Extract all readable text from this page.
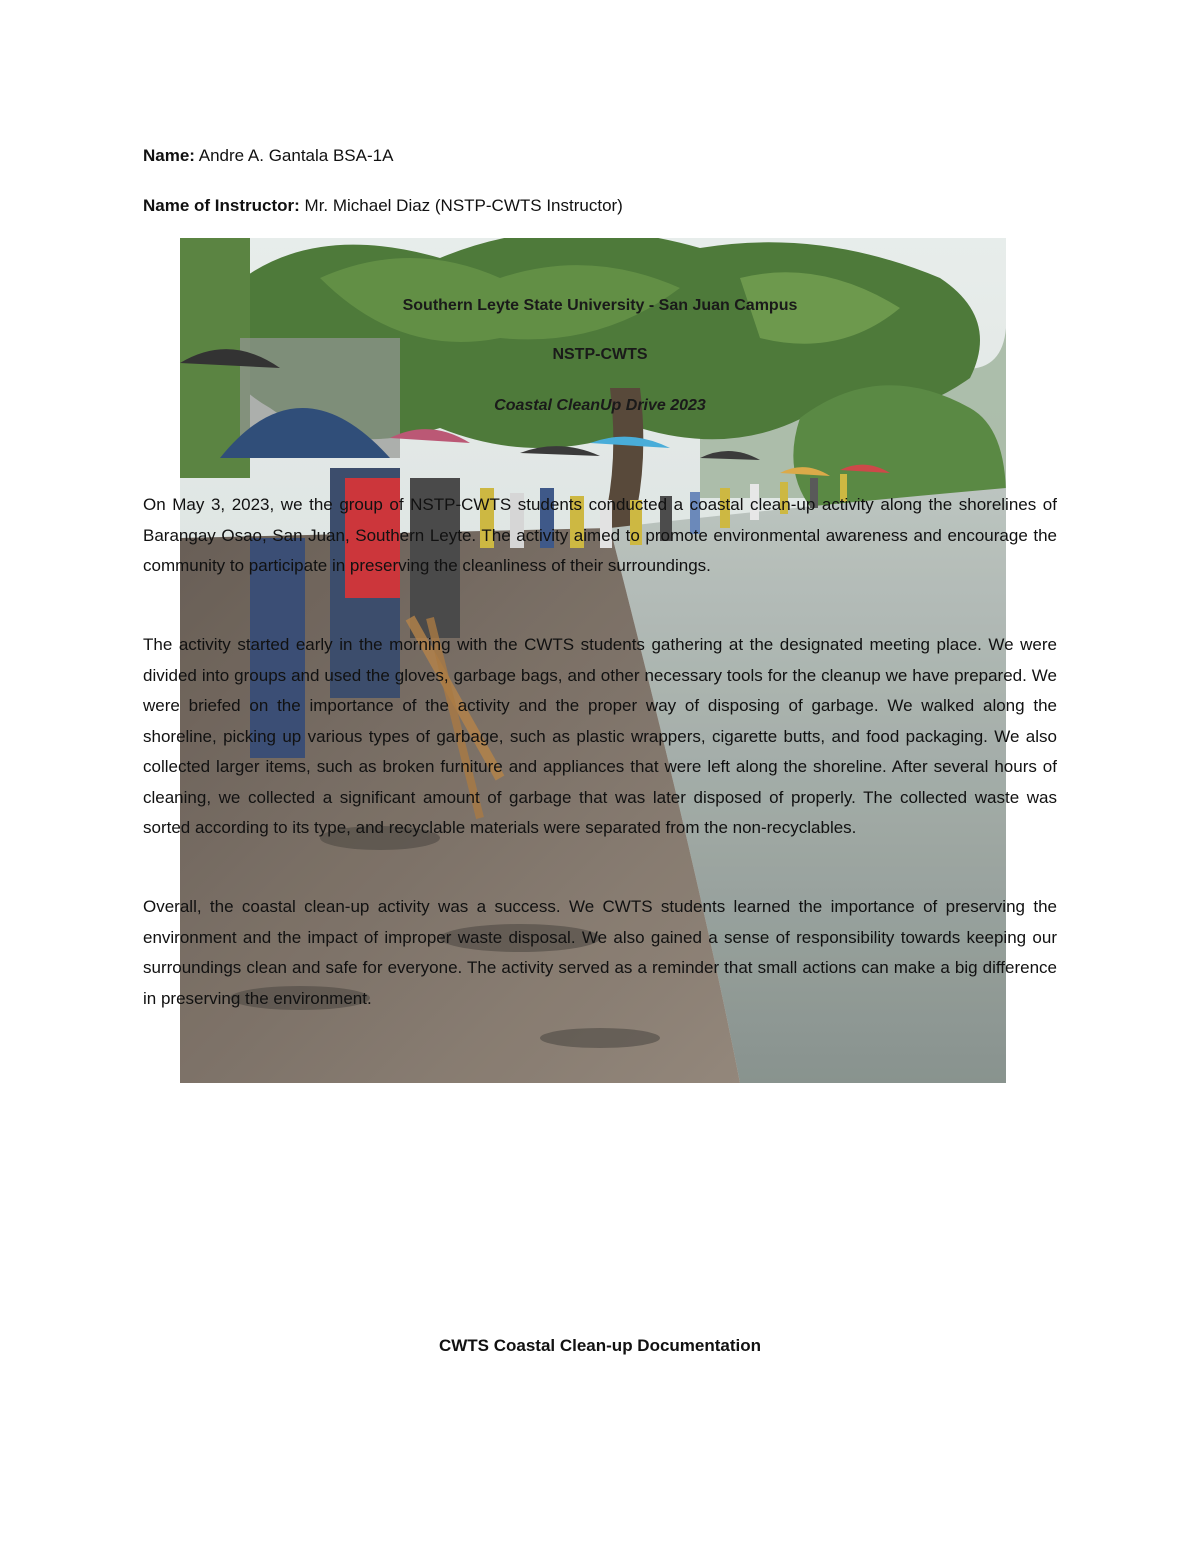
Name: Andre A. Gantala BSA-1A
Name of Instructor: Mr. Michael Diaz (NSTP-CWTS Instructor)
Southern Leyte State University - San Juan Campus
NSTP-CWTS
Coastal CleanUp Drive 2023

On May 3, 2023, we the group of NSTP-CWTS students conducted a coastal clean-up activity along the shorelines of Barangay Osao, San Juan, Southern Leyte. The activity aimed to promote environmental awareness and encourage the community to participate in preserving the cleanliness of their surroundings.

The activity started early in the morning with the CWTS students gathering at the designated meeting place. We were divided into groups and used the gloves, garbage bags, and other necessary tools for the cleanup we have prepared. We were briefed on the importance of the activity and the proper way of disposing of garbage. We walked along the shoreline, picking up various types of garbage, such as plastic wrappers, cigarette butts, and food packaging. We also collected larger items, such as broken furniture and appliances that were left along the shoreline. After several hours of cleaning, we collected a significant amount of garbage that was later disposed of properly. The collected waste was sorted according to its type, and recyclable materials were separated from the non-recyclables.

Overall, the coastal clean-up activity was a success. We CWTS students learned the importance of preserving the environment and the impact of improper waste disposal. We also gained a sense of responsibility towards keeping our surroundings clean and safe for everyone. The activity served as a reminder that small actions can make a big difference in preserving the environment.

CWTS Coastal Clean-up Documentation
